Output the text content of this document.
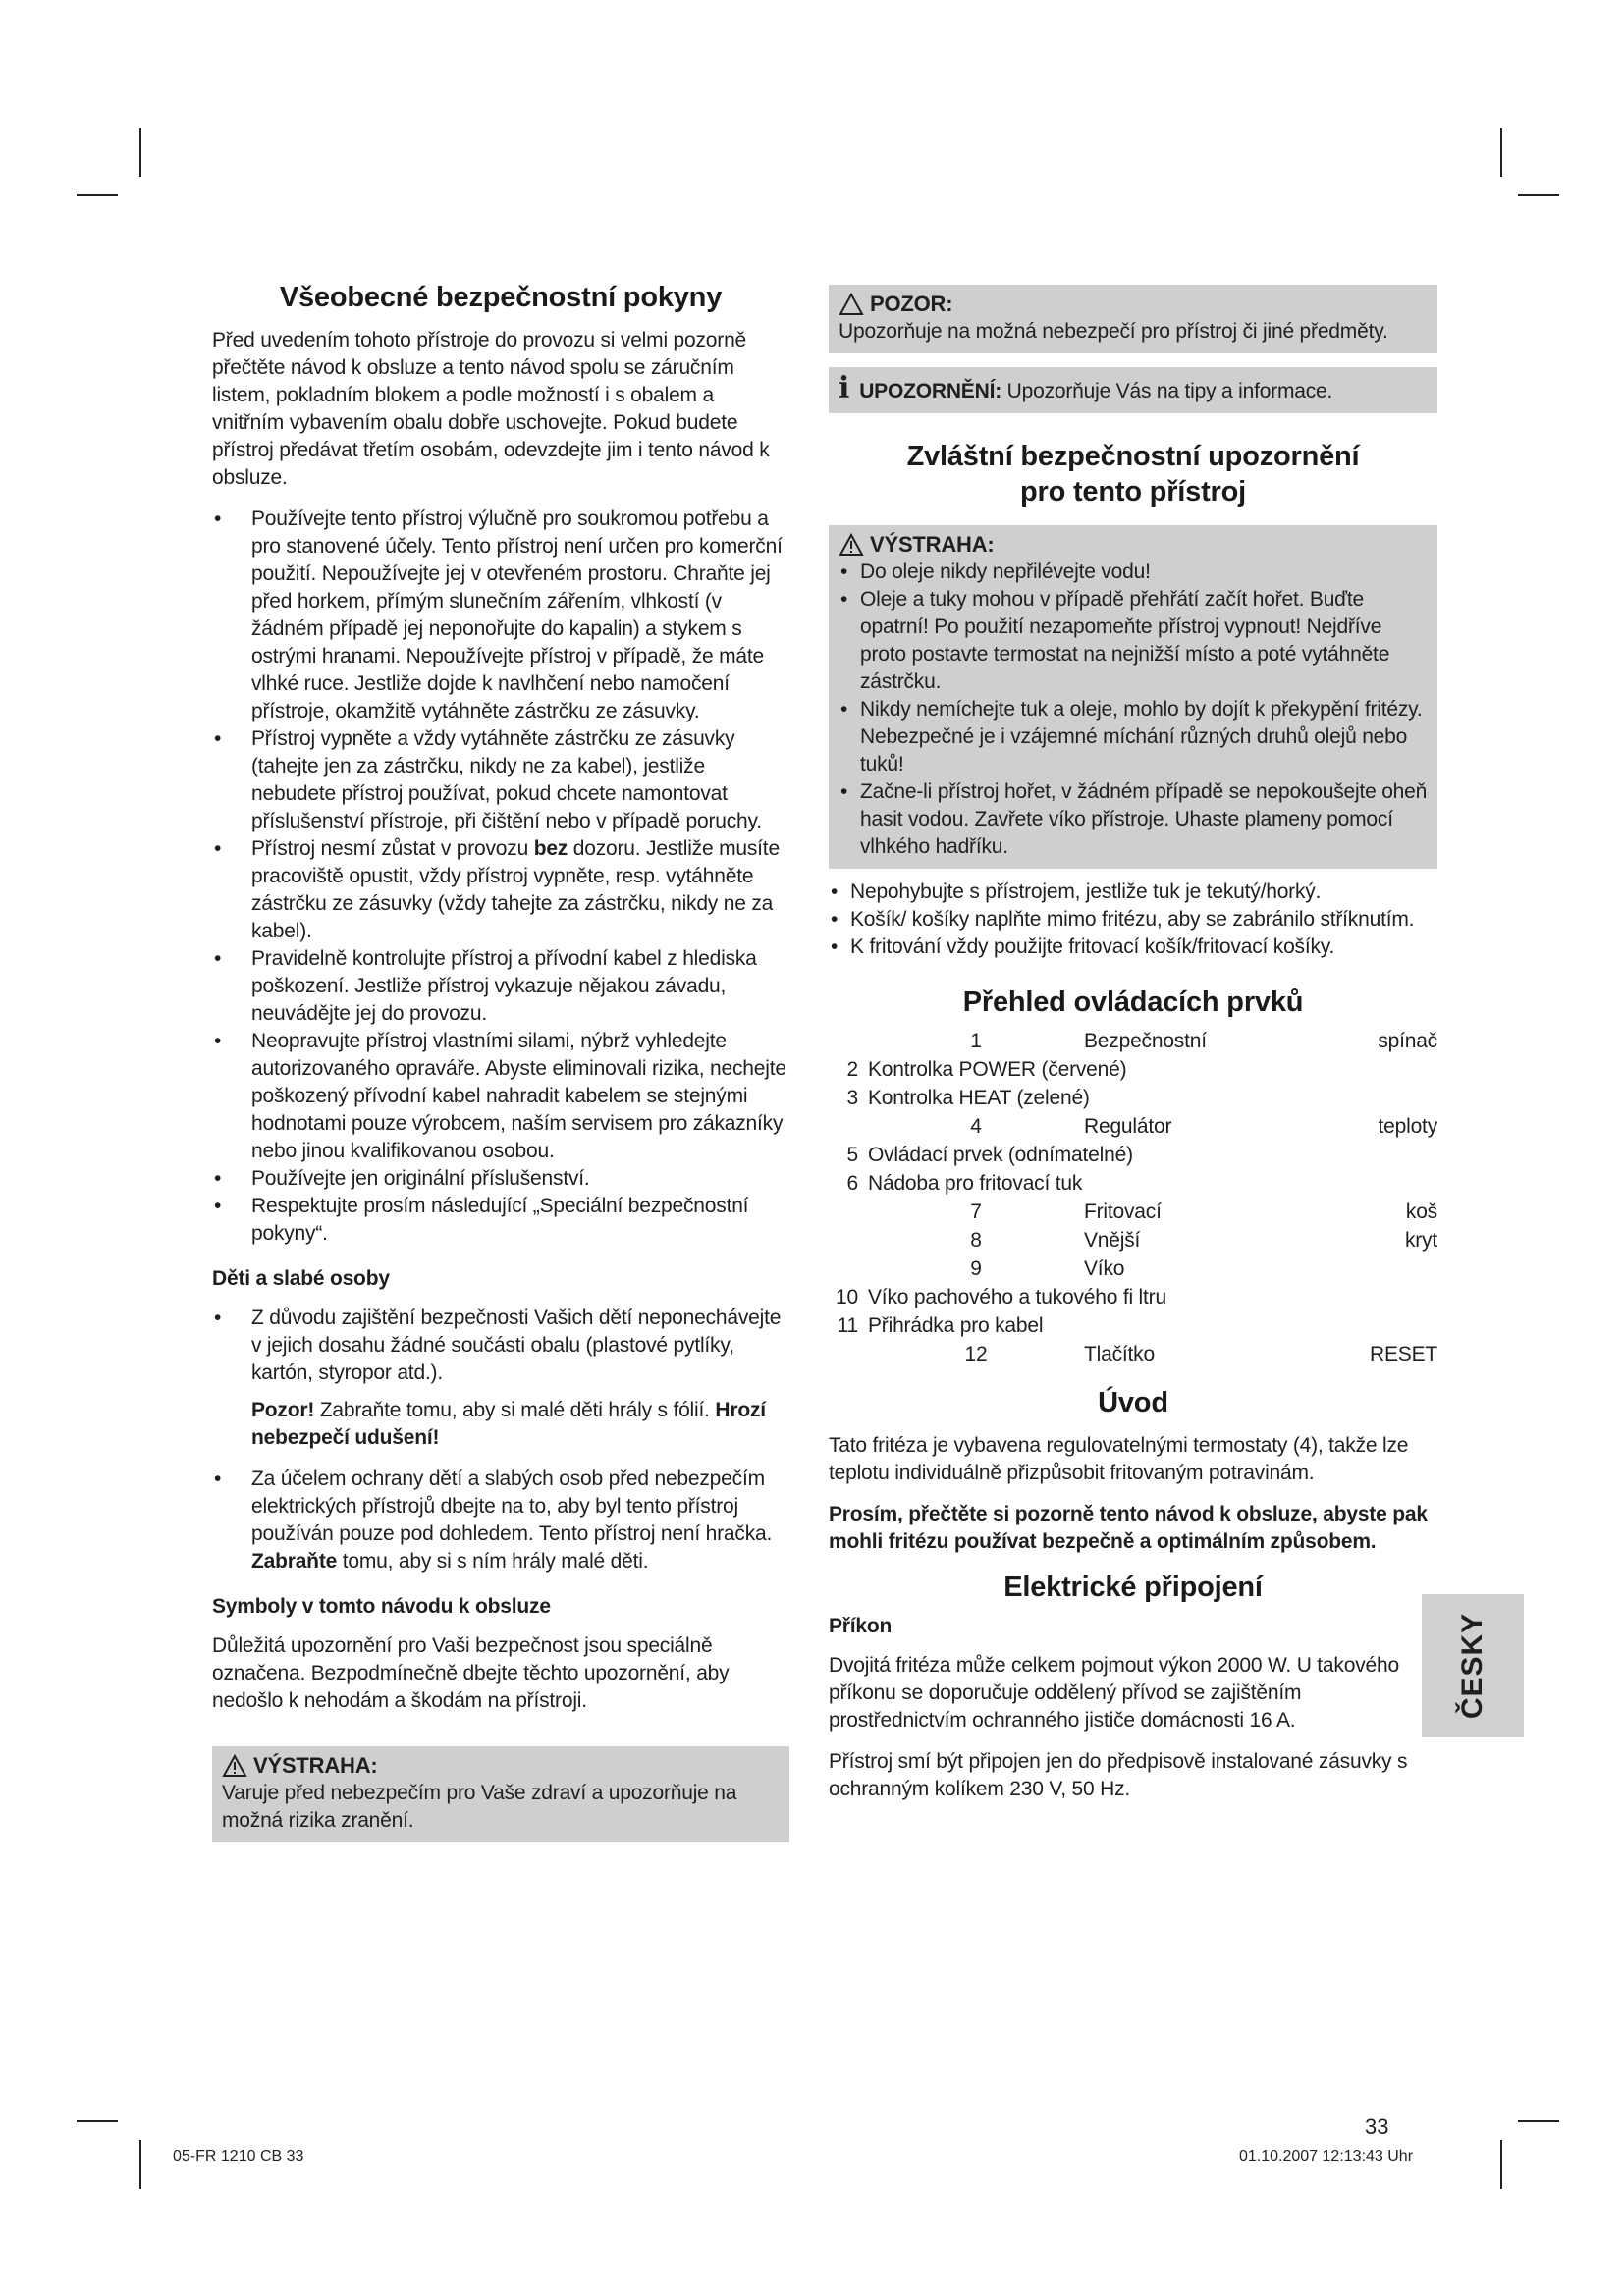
Všeobecné bezpečnostní pokyny

Před uvedením tohoto přístroje do provozu si velmi pozorně přečtěte návod k obsluze a tento návod spolu se záručním listem, pokladním blokem a podle možností i s obalem a vnitřním vybavením obalu dobře uschovejte. Pokud budete přístroj předávat třetím osobám, odevzdejte jim i tento návod k obsluze.

• Používejte tento přístroj výlučně pro soukromou potřebu a pro stanovené účely. Tento přístroj není určen pro komerční použití. Nepoužívejte jej v otevřeném prostoru. Chraňte jej před horkem, přímým slunečním zářením, vlhkostí (v žádném případě jej neponořujte do kapalin) a stykem s ostrými hranami. Nepoužívejte přístroj v případě, že máte vlhké ruce. Jestliže dojde k navlhčení nebo namočení přístroje, okamžitě vytáhněte zástrčku ze zásuvky.
• Přístroj vypněte a vždy vytáhněte zástrčku ze zásuvky (tahejte jen za zástrčku, nikdy ne za kabel), jestliže nebudete přístroj používat, pokud chcete namontovat příslušenství přístroje, při čištění nebo v případě poruchy.
• Přístroj nesmí zůstat v provozu bez dozoru. Jestliže musíte pracoviště opustit, vždy přístroj vypněte, resp. vytáhněte zástrčku ze zásuvky (vždy tahejte za zástrčku, nikdy ne za kabel).
• Pravidelně kontrolujte přístroj a přívodní kabel z hlediska poškození. Jestliže přístroj vykazuje nějakou závadu, neuvádějte jej do provozu.
• Neopravujte přístroj vlastními silami, nýbrž vyhledejte autorizovaného opraváře. Abyste eliminovali rizika, nechejte poškozený přívodní kabel nahradit kabelem se stejnými hodnotami pouze výrobcem, naším servisem pro zákazníky nebo jinou kvalifikovanou osobou.
• Používejte jen originální příslušenství.
• Respektujte prosím následující „Speciální bezpečnostní pokyny“.
Děti a slabé osoby
• Z důvodu zajištění bezpečnosti Vašich dětí neponechávejte v jejich dosahu žádné součásti obalu (plastové pytlíky, kartón, styropor atd.).

Pozor! Zabraňte tomu, aby si malé děti hrály s fólií. Hrozí nebezpečí udušení!

• Za účelem ochrany dětí a slabých osob před nebezpečím elektrických přístrojů dbejte na to, aby byl tento přístroj používán pouze pod dohledem. Tento přístroj není hračka. Zabraňte tomu, aby si s ním hrály malé děti.
Symboly v tomto návodu k obsluze

Důležitá upozornění pro Vaši bezpečnost jsou speciálně označena. Bezpodmínečně dbejte těchto upozornění, aby nedošlo k nehodám a škodám na přístroji.

VÝSTRAHA:
Varuje před nebezpečím pro Vaše zdraví a upozorňuje na možná rizika zranění.
POZOR:
Upozorňuje na možná nebezpečí pro přístroj či jiné předměty.
i UPOZORNĚNÍ: Upozorňuje Vás na tipy a informace.
Zvláštní bezpečnostní upozornění
pro tento přístroj
VÝSTRAHA:
• Do oleje nikdy nepřilévejte vodu!
• Oleje a tuky mohou v případě přehřátí začít hořet. Buďte opatrní! Po použití nezapomeňte přístroj vypnout! Nejdříve proto postavte termostat na nejnižší místo a poté vytáhněte zástrčku.
• Nikdy nemíchejte tuk a oleje, mohlo by dojít k překypění fritézy. Nebezpečné je i vzájemné míchání různých druhů olejů nebo tuků!
• Začne-li přístroj hořet, v žádném případě se nepokoušejte oheň hasit vodou. Zavřete víko přístroje. Uhaste plameny pomocí vlhkého hadříku.
• Nepohybujte s přístrojem, jestliže tuk je tekutý/horký.
• Košík/ košíky naplňte mimo fritézu, aby se zabránilo stříknutím.
• K fritování vždy použijte fritovací košík/fritovací košíky.
Přehled ovládacích prvků
	1	Bezpečnostní	spínač
2	Kontrolka POWER (červené)		
3	Kontrolka HEAT (zelené)		
	4	Regulátor	teploty
5	Ovládací prvek (odnímatelné)		
6	Nádoba pro fritovací tuk		
	7	Fritovací	koš
	8	Vnější	kryt
	9	Víko	
10	Víko pachového a tukového fi ltru		
11	Přihrádka pro kabel		
	12	Tlačítko	RESET
Úvod

Tato fritéza je vybavena regulovatelnými termostaty (4), takže lze teplotu individuálně přizpůsobit fritovaným potravinám.

Prosím, přečtěte si pozorně tento návod k obsluze, abyste pak mohli fritézu používat bezpečně a optimálním způsobem.

Elektrické připojení
Příkon

Dvojitá fritéza může celkem pojmout výkon 2000 W. U takového příkonu se doporučuje oddělený přívod se zajištěním prostřednictvím ochranného jističe domácnosti 16 A.

Přístroj smí být připojen jen do předpisově instalované zásuvky s ochranným kolíkem 230 V, 50 Hz.

ČESKY
33
05-FR 1210 CB 33	01.10.2007 12:13:43 Uhr
